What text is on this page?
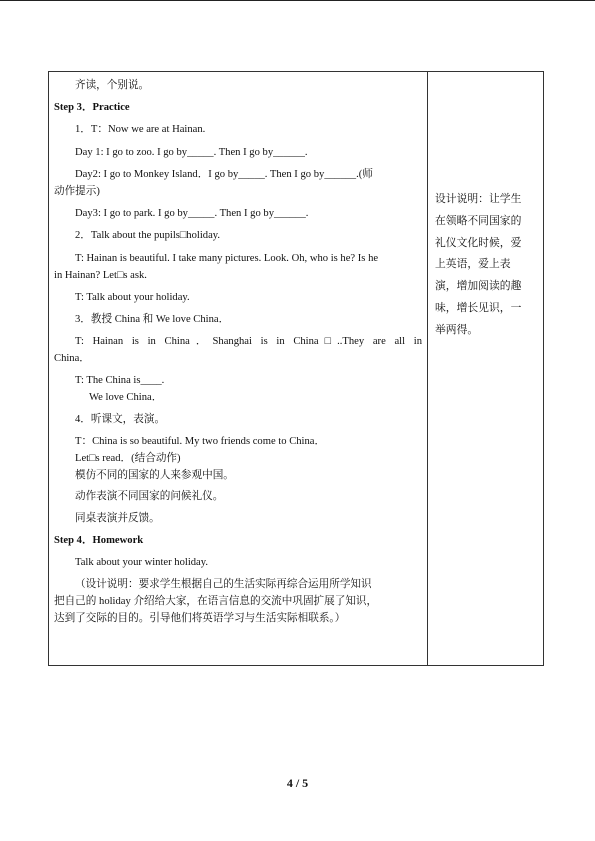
齐读，个别说。

Step 3．Practice

1．T：Now we are at Hainan.

Day 1: I go to zoo. I go by_____. Then I go by______.

Day2: I go to Monkey Island．I go by_____. Then I go by______.(师

动作提示)

Day3: I go to park. I go by_____. Then I go by______.

2．Talk about the pupils□holiday.

T: Hainan is beautiful. I take many pictures. Look. Oh, who is he? Is he

in Hainan? Let□s ask.

T: Talk about your holiday.

3．教授 China 和 We love China．

T: Hainan is in China．Shanghai is in China□..They are all in

China．

T: The China is____.

We love China．

4．听课文，表演。

T：China is so beautiful. My two friends come to China．

Let□s read．(结合动作)

模仿不同的国家的人来参观中国。

动作表演不同国家的问候礼仪。

同桌表演并反馈。

Step 4．Homework

Talk about your winter holiday.

（设计说明：要求学生根据自己的生活实际再综合运用所学知识

把自己的 holiday 介绍给大家，在语言信息的交流中巩固扩展了知识，

达到了交际的目的。引导他们将英语学习与生活实际相联系。）

设计说明：让学生
在领略不同国家的
礼仪文化时候，爱
上英语，爱上表
演，增加阅读的趣
味，增长见识，一
举两得。
4 / 5
